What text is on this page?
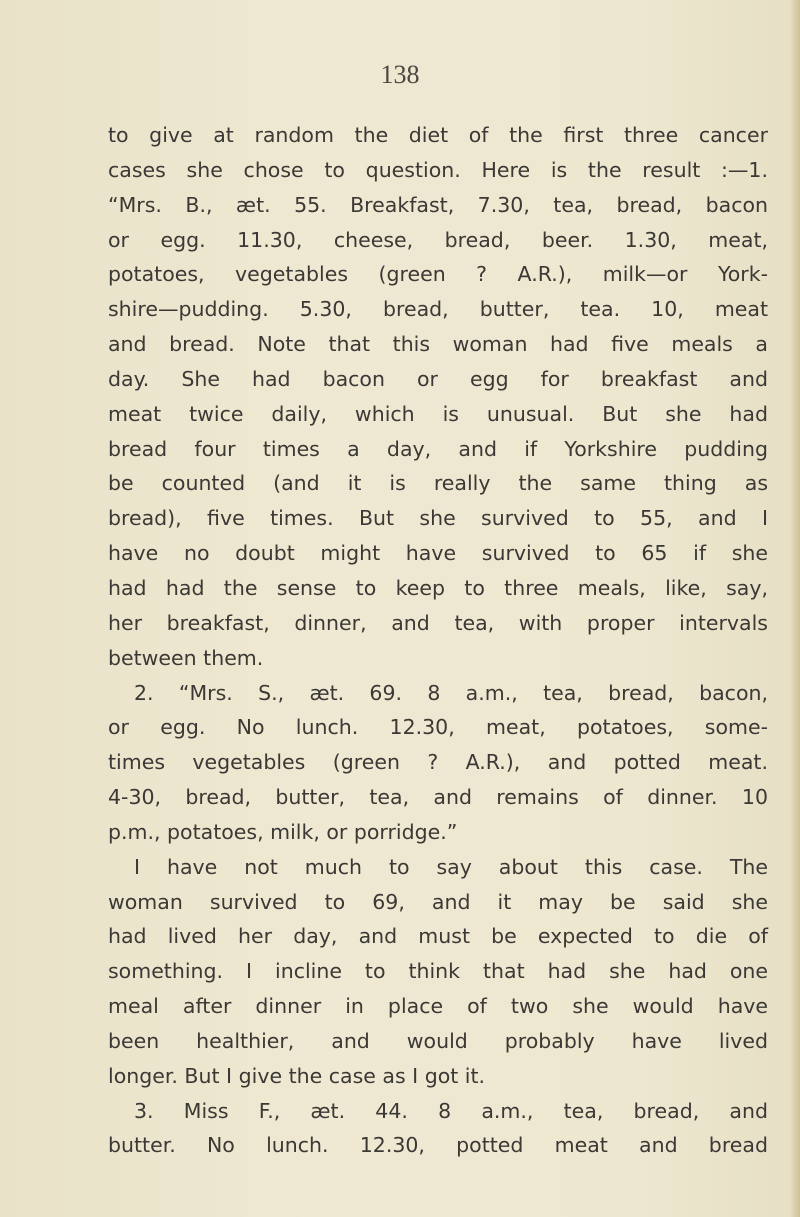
138
to give at random the diet of the first three cancer
cases she chose to question. Here is the result :—1.
“Mrs. B., æt. 55. Breakfast, 7.30, tea, bread, bacon
or egg. 11.30, cheese, bread, beer. 1.30, meat,
potatoes, vegetables (green ? A.R.), milk—or York-
shire—pudding. 5.30, bread, butter, tea. 10, meat
and bread. Note that this woman had five meals a
day. She had bacon or egg for breakfast and
meat twice daily, which is unusual. But she had
bread four times a day, and if Yorkshire pudding
be counted (and it is really the same thing as
bread), five times. But she survived to 55, and I
have no doubt might have survived to 65 if she
had had the sense to keep to three meals, like, say,
her breakfast, dinner, and tea, with proper intervals
between them.
2. “Mrs. S., æt. 69. 8 a.m., tea, bread, bacon,
or egg. No lunch. 12.30, meat, potatoes, some-
times vegetables (green ? A.R.), and potted meat.
4-30, bread, butter, tea, and remains of dinner. 10
p.m., potatoes, milk, or porridge.”
I have not much to say about this case. The
woman survived to 69, and it may be said she
had lived her day, and must be expected to die of
something. I incline to think that had she had one
meal after dinner in place of two she would have
been healthier, and would probably have lived
longer. But I give the case as I got it.
3. Miss F., æt. 44. 8 a.m., tea, bread, and
butter. No lunch. 12.30, potted meat and bread
